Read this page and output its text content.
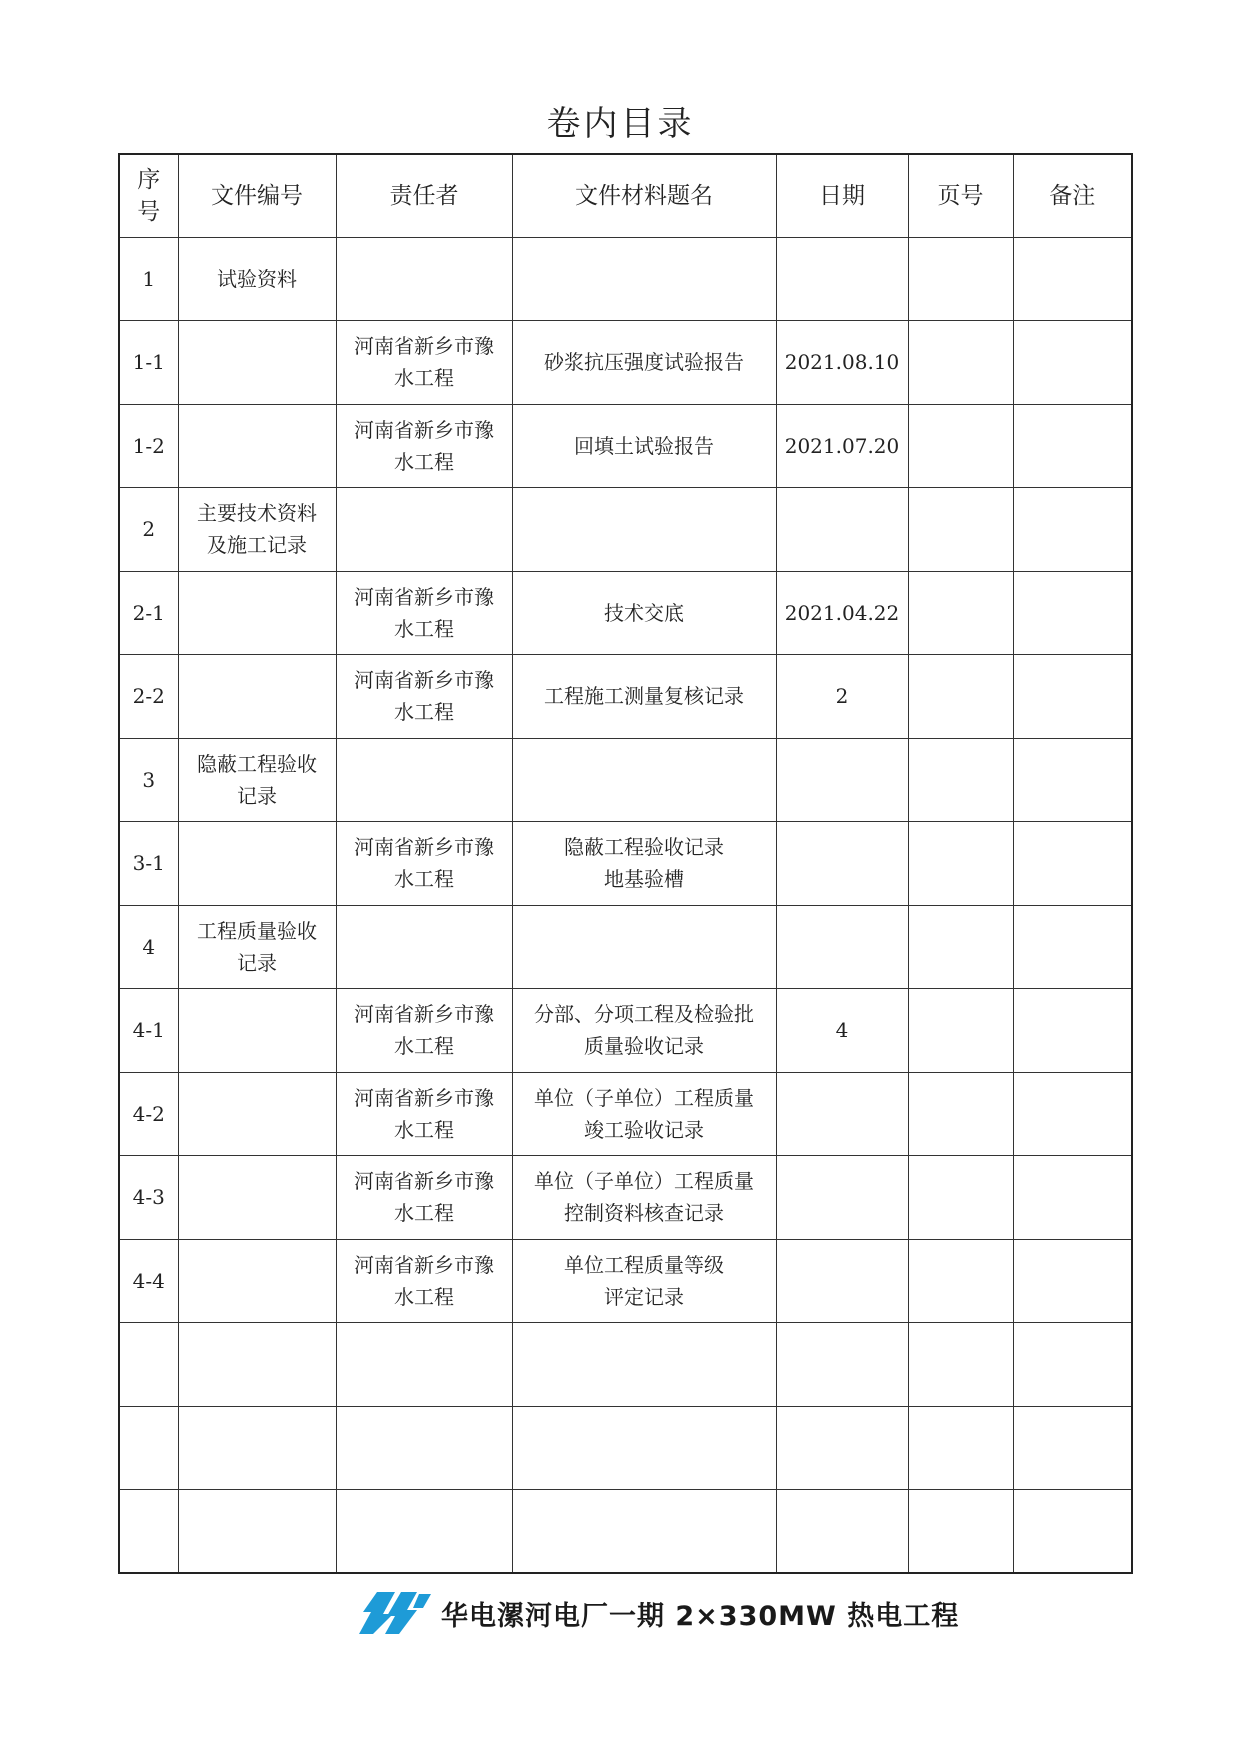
卷内目录
序
号	文件编号	责任者	文件材料题名	日期	页号	备注
1	试验资料					
1-1		河南省新乡市豫
水工程	砂浆抗压强度试验报告	2021.08.10		
1-2		河南省新乡市豫
水工程	回填土试验报告	2021.07.20		
2	主要技术资料
及施工记录					
2-1		河南省新乡市豫
水工程	技术交底	2021.04.22		
2-2		河南省新乡市豫
水工程	工程施工测量复核记录	2		
3	隐蔽工程验收
记录					
3-1		河南省新乡市豫
水工程	隐蔽工程验收记录
地基验槽			
4	工程质量验收
记录					
4-1		河南省新乡市豫
水工程	分部、分项工程及检验批
质量验收记录	4		
4-2		河南省新乡市豫
水工程	单位（子单位）工程质量
竣工验收记录			
4-3		河南省新乡市豫
水工程	单位（子单位）工程质量
控制资料核查记录			
4-4		河南省新乡市豫
水工程	单位工程质量等级
评定记录			

华电漯河电厂一期 2×330MW 热电工程
